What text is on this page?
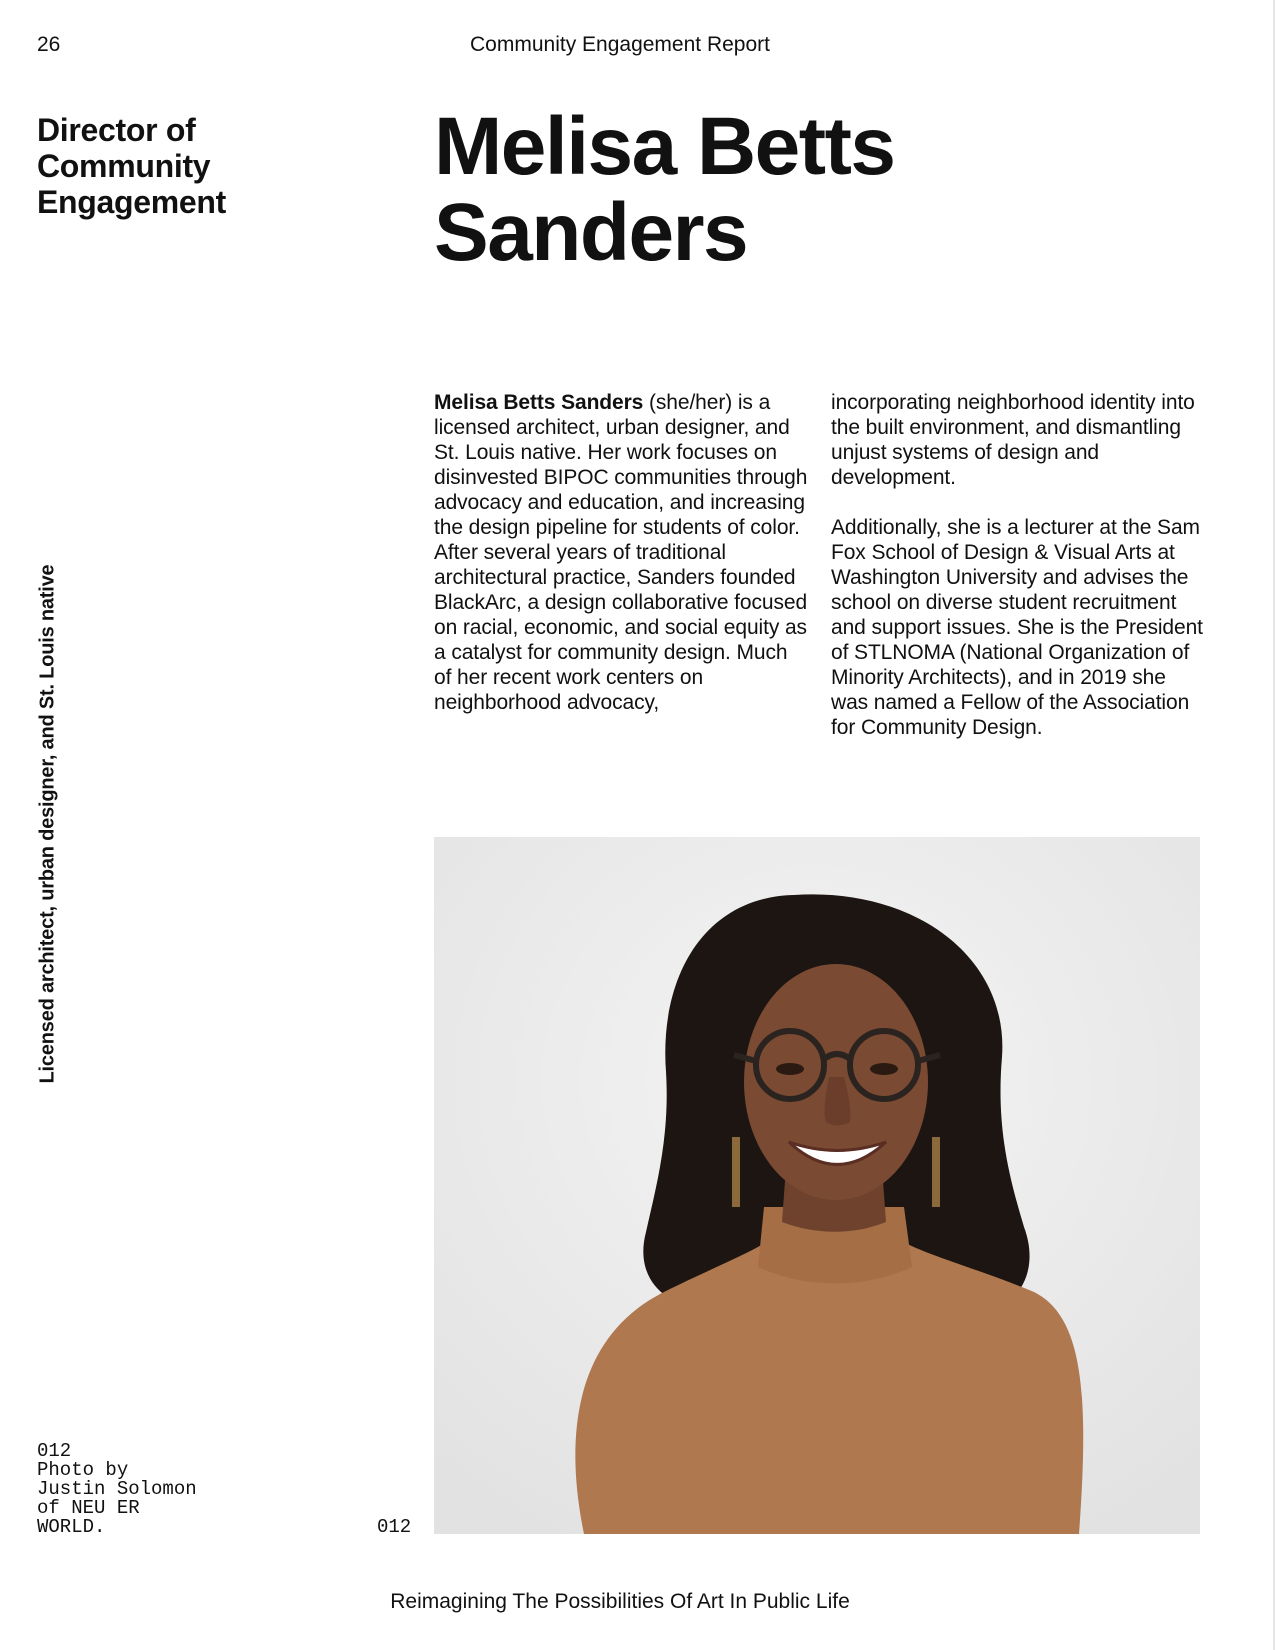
26	Community Engagement Report
Director of Community Engagement
Melisa Betts
Sanders
Licensed architect, urban designer, and St. Louis native

Melisa Betts Sanders (she/her) is a licensed architect, urban designer, and St. Louis native. Her work focuses on disinvested BIPOC communities through advocacy and education, and increasing the design pipeline for students of color. After several years of traditional architectural practice, Sanders founded BlackArc, a design collaborative focused on racial, economic, and social equity as a catalyst for community design. Much of her recent work centers on neighborhood advocacy,

incorporating neighborhood identity into the built environment, and dismantling unjust systems of design and development.

Additionally, she is a lecturer at the Sam Fox School of Design & Visual Arts at Washington University and advises the school on diverse student recruitment and support issues. She is the President of STLNOMA (National Organization of Minority Architects), and in 2019 she was named a Fellow of the Association for Community Design.

012
Photo by
Justin Solomon
of NEU ER
WORLD.	012
Reimagining The Possibilities Of Art In Public Life
